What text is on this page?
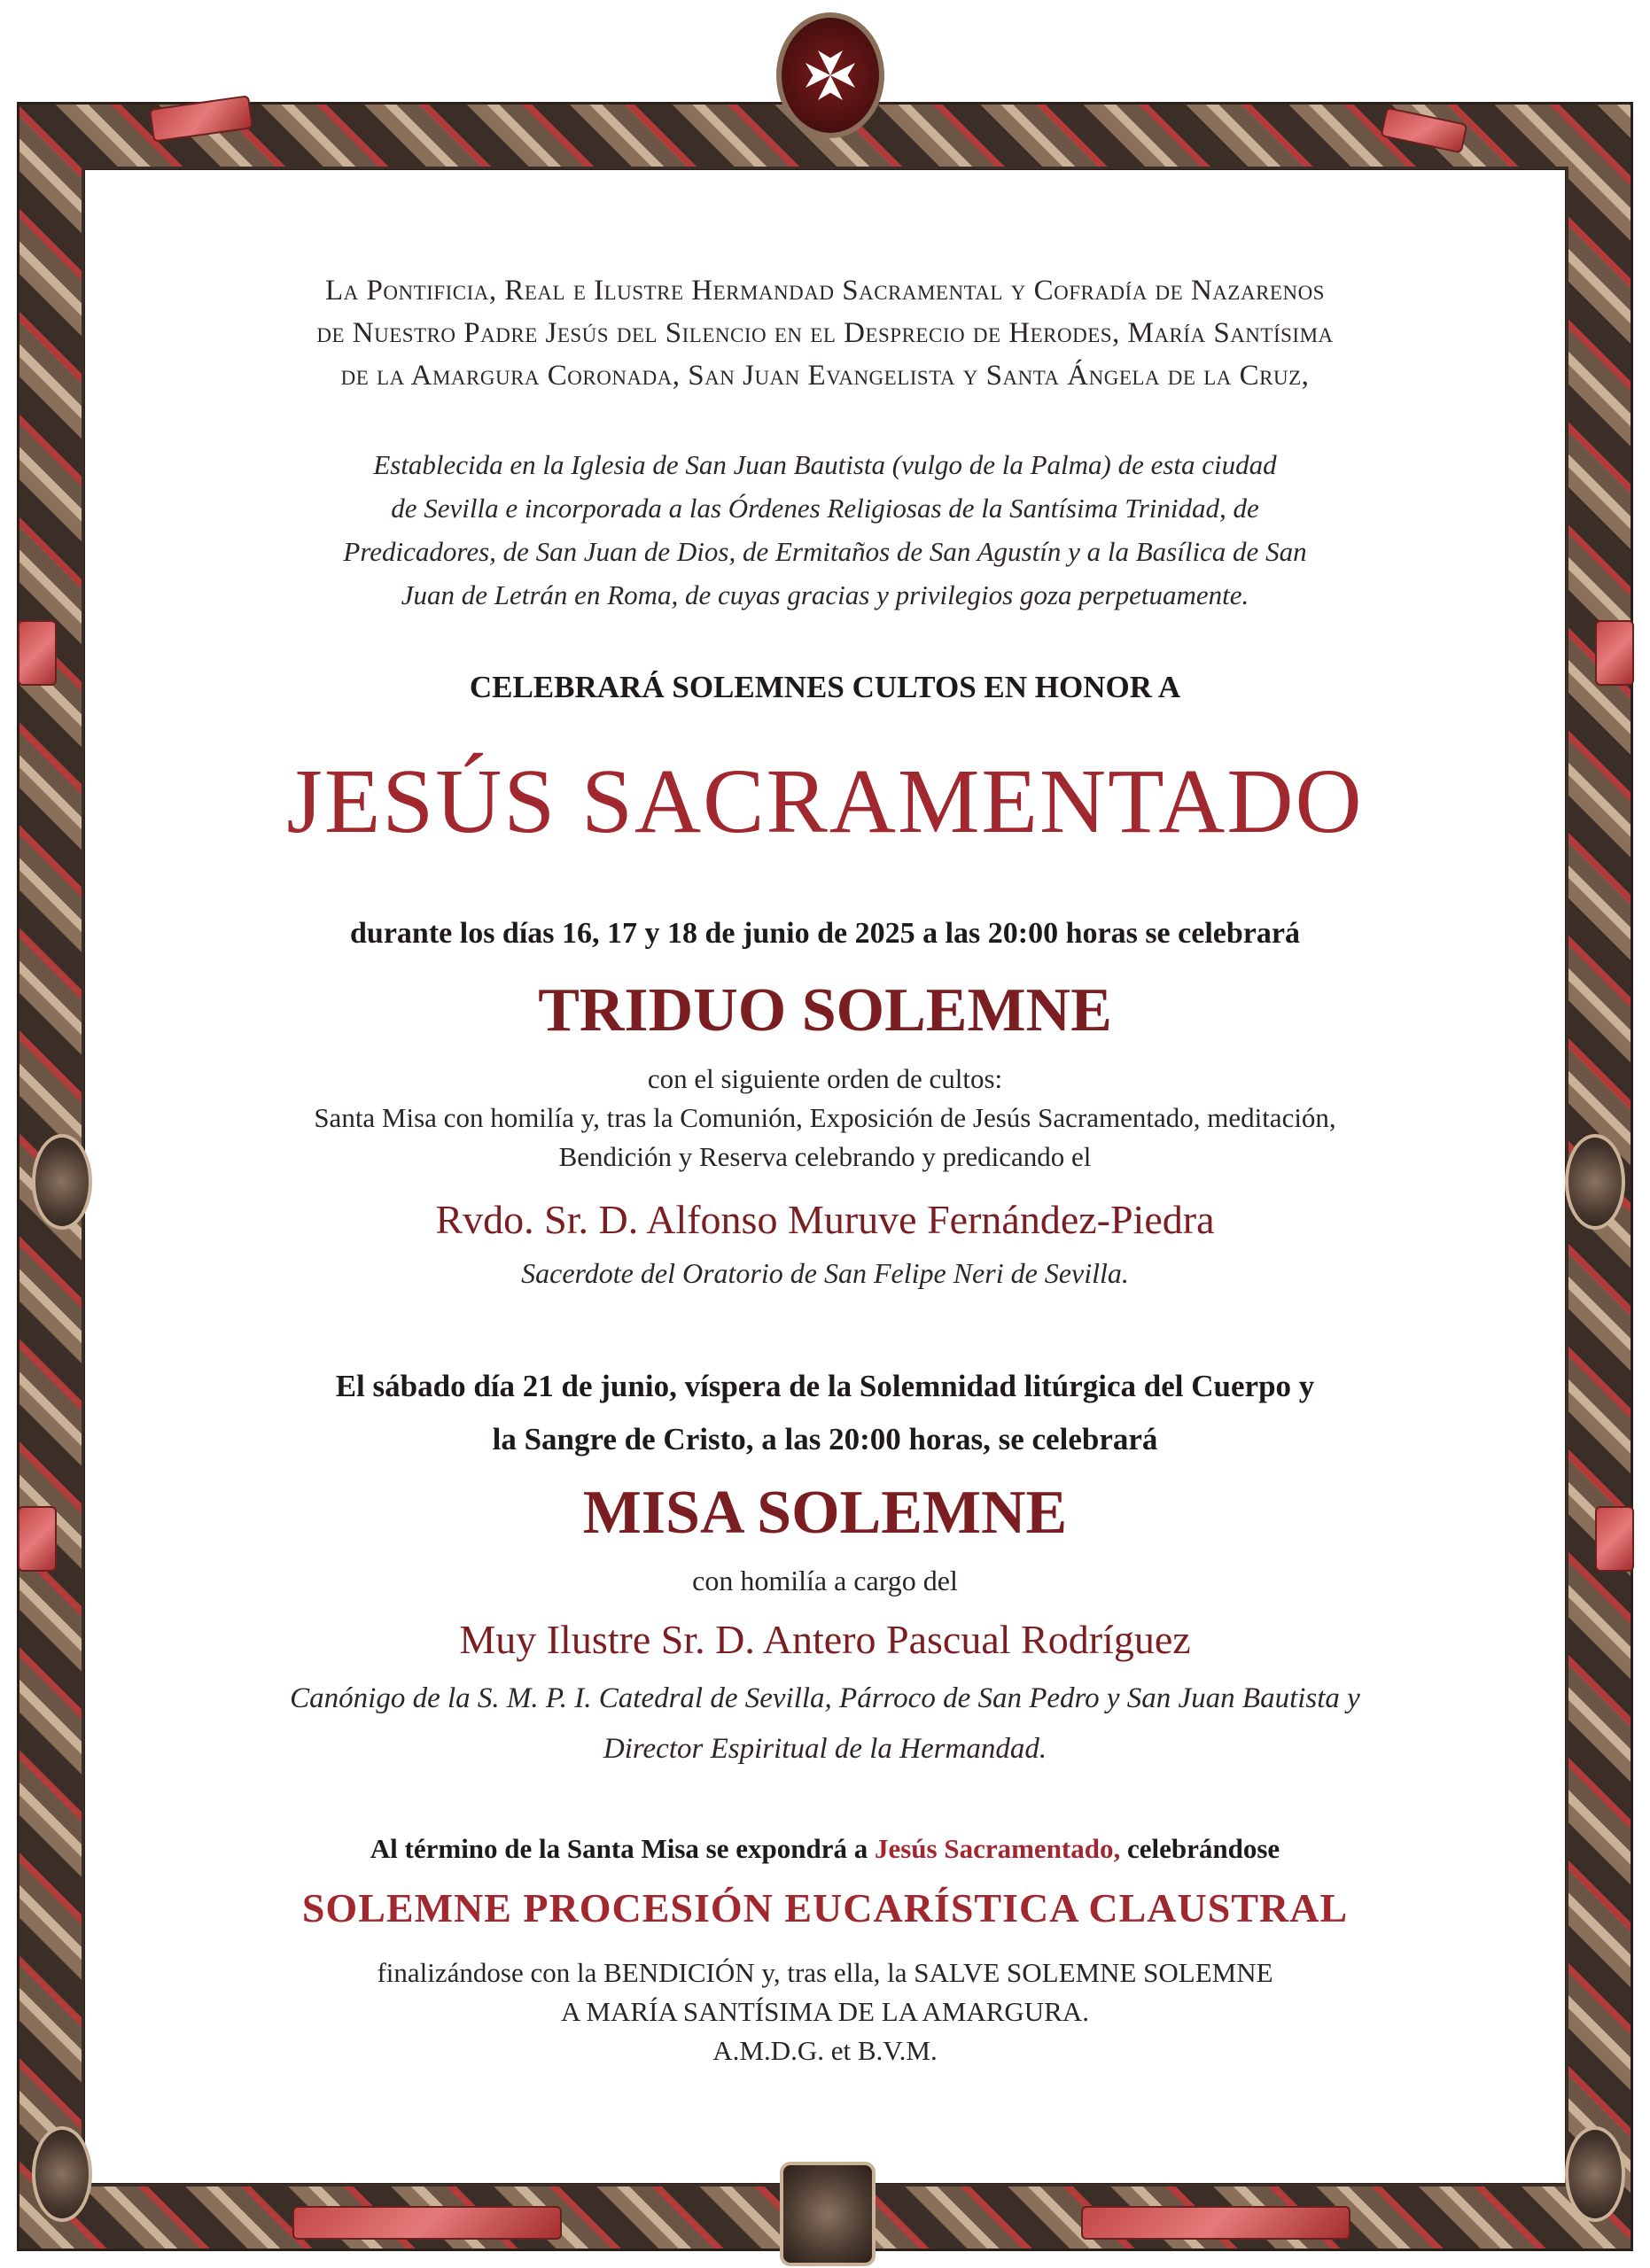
La Pontificia, Real e Ilustre Hermandad Sacramental y Cofradía de Nazarenos
de Nuestro Padre Jesús del Silencio en el Desprecio de Herodes, María Santísima
de la Amargura Coronada, San Juan Evangelista y Santa Ángela de la Cruz,
Establecida en la Iglesia de San Juan Bautista (vulgo de la Palma) de esta ciudad
de Sevilla e incorporada a las Órdenes Religiosas de la Santísima Trinidad, de
Predicadores, de San Juan de Dios, de Ermitaños de San Agustín y a la Basílica de San
Juan de Letrán en Roma, de cuyas gracias y privilegios goza perpetuamente.
CELEBRARÁ SOLEMNES CULTOS EN HONOR A
JESÚS SACRAMENTADO
durante los días 16, 17 y 18 de junio de 2025 a las 20:00 horas se celebrará
TRIDUO SOLEMNE
con el siguiente orden de cultos:
Santa Misa con homilía y, tras la Comunión, Exposición de Jesús Sacramentado, meditación,
Bendición y Reserva celebrando y predicando el
Rvdo. Sr. D. Alfonso Muruve Fernández-Piedra
Sacerdote del Oratorio de San Felipe Neri de Sevilla.
El sábado día 21 de junio, víspera de la Solemnidad litúrgica del Cuerpo y
la Sangre de Cristo, a las 20:00 horas, se celebrará
MISA SOLEMNE
con homilía a cargo del
Muy Ilustre Sr. D. Antero Pascual Rodríguez
Canónigo de la S. M. P. I. Catedral de Sevilla, Párroco de San Pedro y San Juan Bautista y
Director Espiritual de la Hermandad.
Al término de la Santa Misa se expondrá a Jesús Sacramentado, celebrándose
SOLEMNE PROCESIÓN EUCARÍSTICA CLAUSTRAL
finalizándose con la BENDICIÓN y, tras ella, la SALVE SOLEMNE SOLEMNE
A MARÍA SANTÍSIMA DE LA AMARGURA.
A.M.D.G. et B.V.M.
